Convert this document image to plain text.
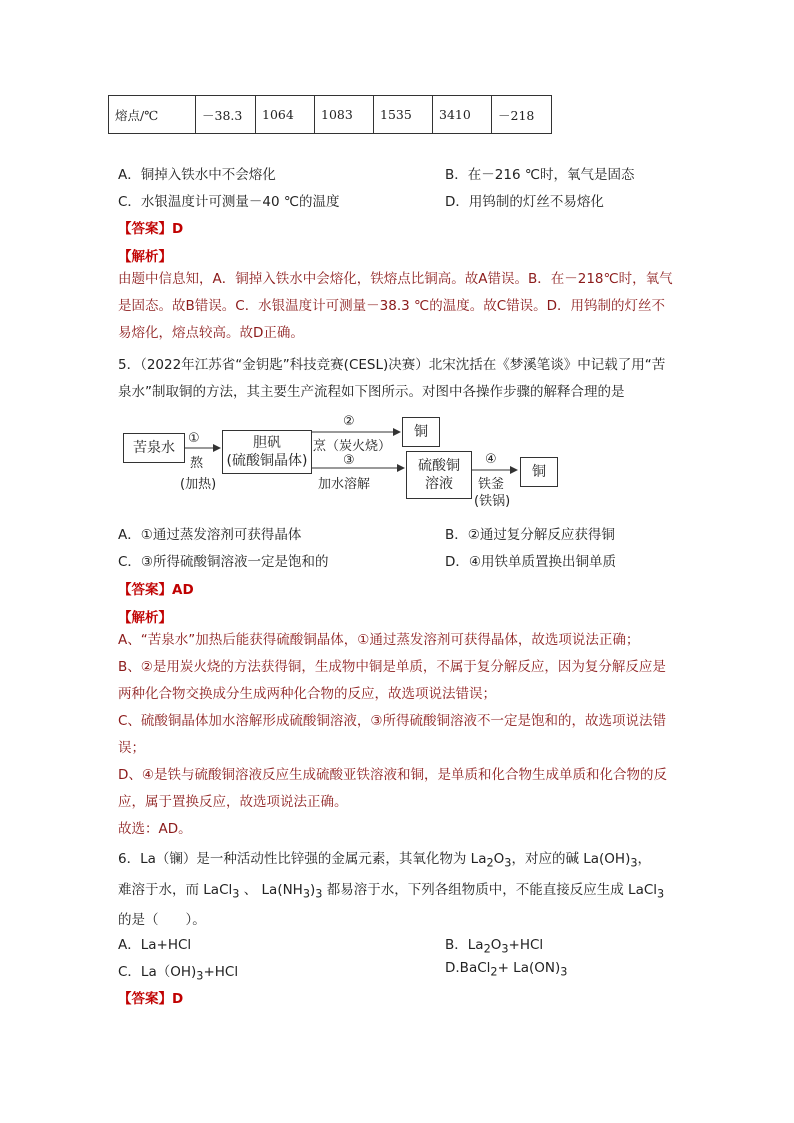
熔点/℃	－38.3	1064	1083	1535	3410	－218
A．铜掉入铁水中不会熔化	B．在－216 ℃时，氧气是固态
C．水银温度计可测量－40 ℃的温度	D．用钨制的灯丝不易熔化
【答案】D
【解析】
由题中信息知，A．铜掉入铁水中会熔化，铁熔点比铜高。故A错误。B．在－218℃时，氧气是固态。故B错误。C．水银温度计可测量－38.3 ℃的温度。故C错误。D．用钨制的灯丝不易熔化，熔点较高。故D正确。
5．（2022年江苏省“金钥匙”科技竞赛(CESL)决赛）北宋沈括在《梦溪笔谈》中记载了用“苦泉水”制取铜的方法，其主要生产流程如下图所示。对图中各操作步骤的解释合理的是
苦泉水	胆矾
(硫酸铜晶体)
铜
硫酸铜
溶液
铜
①
熬
(加热)
②
烹（炭火烧）
③
加水溶解
④
铁釜
(铁锅)
A．①通过蒸发溶剂可获得晶体	B．②通过复分解反应获得铜
C．③所得硫酸铜溶液一定是饱和的	D．④用铁单质置换出铜单质
【答案】AD
【解析】
A、“苦泉水”加热后能获得硫酸铜晶体，①通过蒸发溶剂可获得晶体，故选项说法正确；
B、②是用炭火烧的方法获得铜，生成物中铜是单质，不属于复分解反应，因为复分解反应是两种化合物交换成分生成两种化合物的反应，故选项说法错误；
C、硫酸铜晶体加水溶解形成硫酸铜溶液，③所得硫酸铜溶液不一定是饱和的，故选项说法错误；
D、④是铁与硫酸铜溶液反应生成硫酸亚铁溶液和铜，是单质和化合物生成单质和化合物的反应，属于置换反应，故选项说法正确。
故选：AD。
6．La（镧）是一种活动性比锌强的金属元素，其氧化物为 $La_2O_3$，对应的碱 $La(OH)_3$，
难溶于水，而 LaCl$_3$ 、 $La(NH_3)_3$ 都易溶于水，下列各组物质中，不能直接反应生成 LaCl$_3$
的是（　　）。
A．La+HCl	B．$La_2O_3+HCl$
C．$La(OH)_3+HCl$	D.BaCl$_2$+ $La(ON)_3$
【答案】D
